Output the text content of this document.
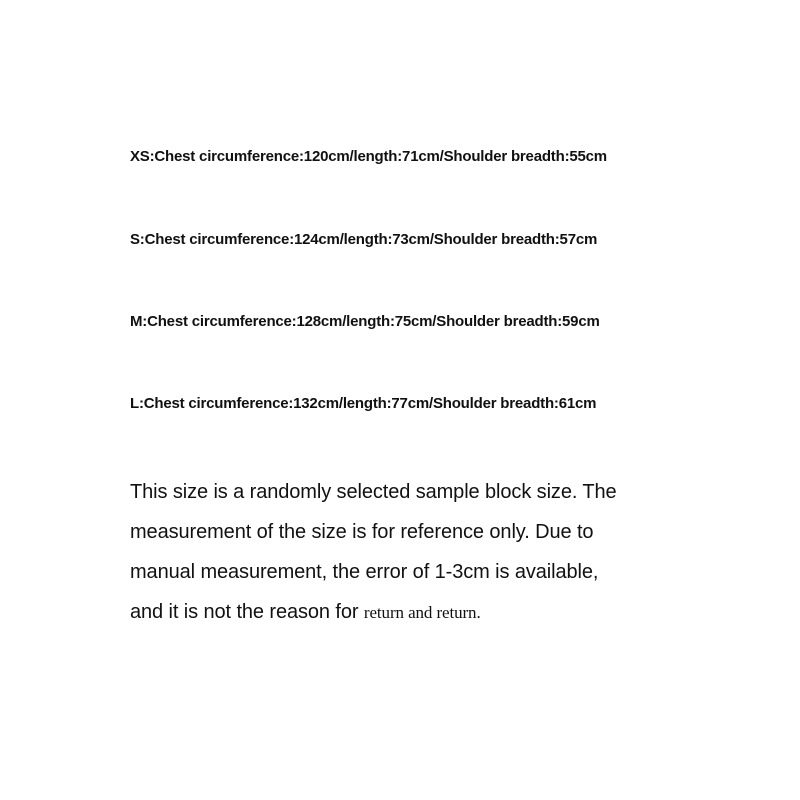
XS:Chest circumference:120cm/length:71cm/Shoulder breadth:55cm
S:Chest circumference:124cm/length:73cm/Shoulder breadth:57cm
M:Chest circumference:128cm/length:75cm/Shoulder breadth:59cm
L:Chest circumference:132cm/length:77cm/Shoulder breadth:61cm
This size is a randomly selected sample block size. The
measurement of the size is for reference only. Due to
manual measurement, the error of 1-3cm is available,
and it is not the reason for return and return.
